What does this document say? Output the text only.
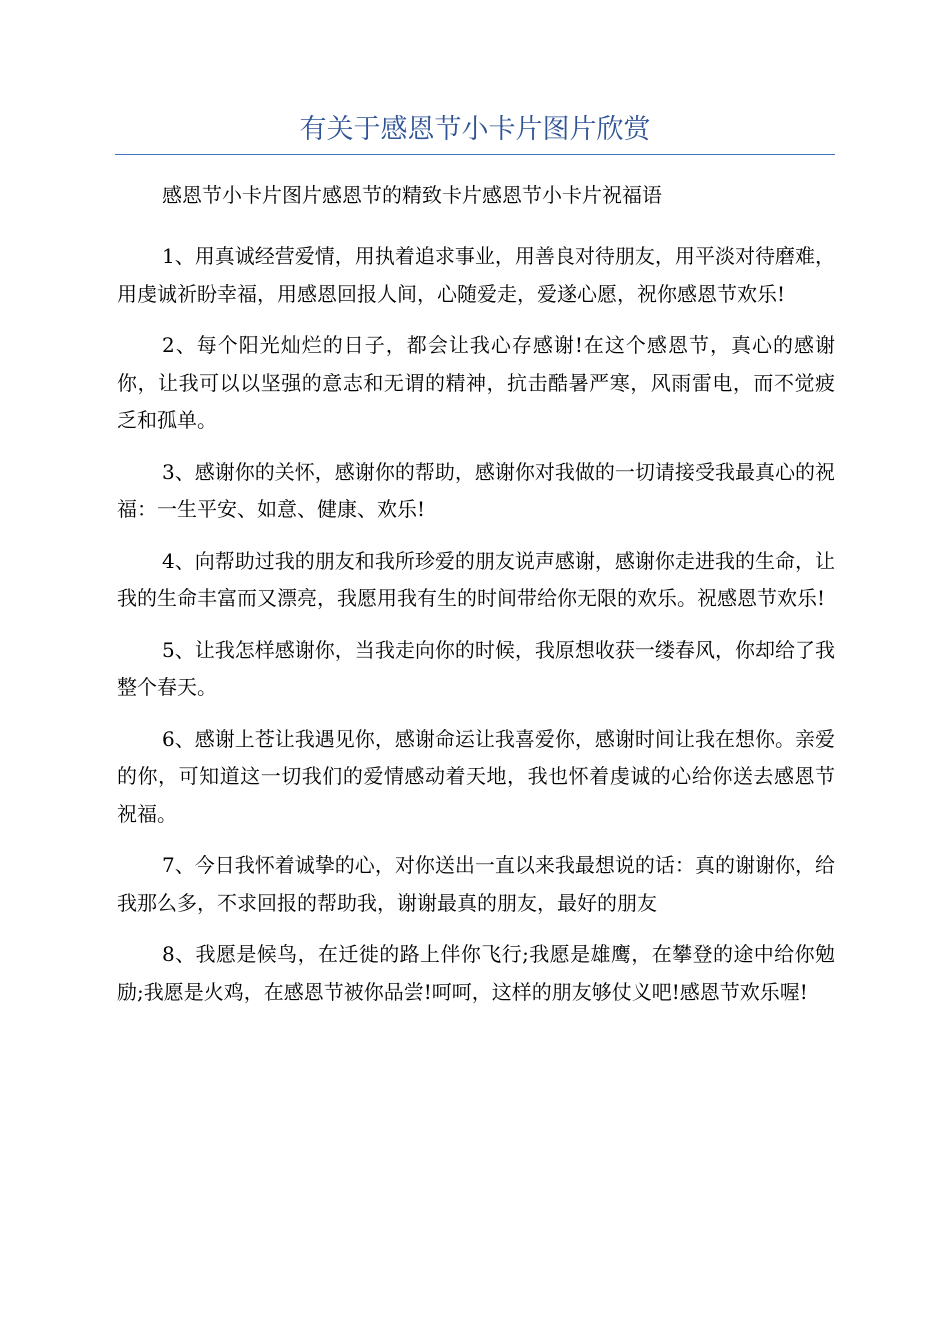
有关于感恩节小卡片图片欣赏

感恩节小卡片图片感恩节的精致卡片感恩节小卡片祝福语

1、用真诚经营爱情，用执着追求事业，用善良对待朋友，用平淡对待磨难，用虔诚祈盼幸福，用感恩回报人间，心随爱走，爱遂心愿，祝你感恩节欢乐!

2、每个阳光灿烂的日子，都会让我心存感谢!在这个感恩节，真心的感谢你，让我可以以坚强的意志和无谓的精神，抗击酷暑严寒，风雨雷电，而不觉疲乏和孤单。

3、感谢你的关怀，感谢你的帮助，感谢你对我做的一切请接受我最真心的祝福：一生平安、如意、健康、欢乐!

4、向帮助过我的朋友和我所珍爱的朋友说声感谢，感谢你走进我的生命，让我的生命丰富而又漂亮，我愿用我有生的时间带给你无限的欢乐。祝感恩节欢乐!

5、让我怎样感谢你，当我走向你的时候，我原想收获一缕春风，你却给了我整个春天。

6、感谢上苍让我遇见你，感谢命运让我喜爱你，感谢时间让我在想你。亲爱的你，可知道这一切我们的爱情感动着天地，我也怀着虔诚的心给你送去感恩节祝福。

7、今日我怀着诚挚的心，对你送出一直以来我最想说的话：真的谢谢你，给我那么多，不求回报的帮助我，谢谢最真的朋友，最好的朋友

8、我愿是候鸟，在迁徙的路上伴你飞行;我愿是雄鹰，在攀登的途中给你勉励;我愿是火鸡，在感恩节被你品尝!呵呵，这样的朋友够仗义吧!感恩节欢乐喔!
